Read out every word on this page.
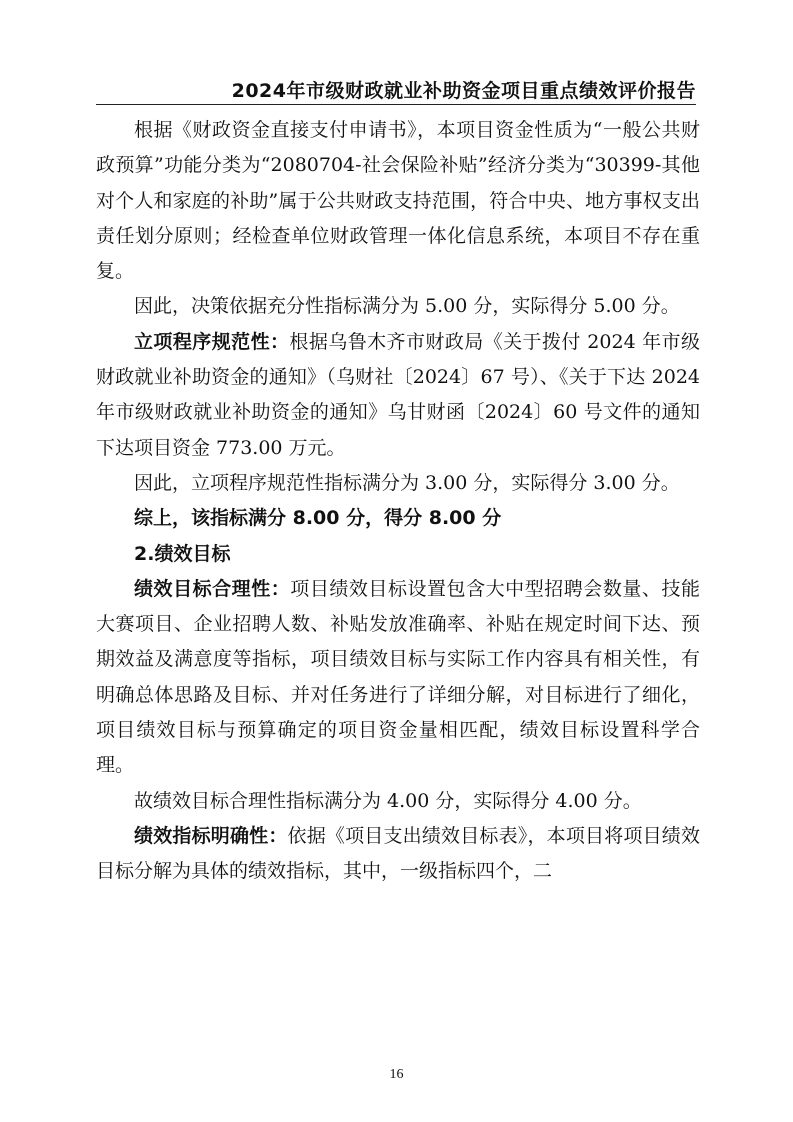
2024年市级财政就业补助资金项目重点绩效评价报告

根据《财政资金直接支付申请书》，本项目资金性质为“一般公共财政预算”功能分类为“2080704-社会保险补贴”经济分类为“30399-其他对个人和家庭的补助”属于公共财政支持范围，符合中央、地方事权支出责任划分原则；经检查单位财政管理一体化信息系统，本项目不存在重复。

因此，决策依据充分性指标满分为 5.00 分，实际得分 5.00 分。

立项程序规范性：根据乌鲁木齐市财政局《关于拨付 2024 年市级财政就业补助资金的通知》（乌财社〔2024〕67 号）、《关于下达 2024 年市级财政就业补助资金的通知》乌甘财函〔2024〕60 号文件的通知下达项目资金 773.00 万元。

因此，立项程序规范性指标满分为 3.00 分，实际得分 3.00 分。

综上，该指标满分 8.00 分，得分 8.00 分

2.绩效目标

绩效目标合理性：项目绩效目标设置包含大中型招聘会数量、技能大赛项目、企业招聘人数、补贴发放准确率、补贴在规定时间下达、预期效益及满意度等指标，项目绩效目标与实际工作内容具有相关性，有明确总体思路及目标、并对任务进行了详细分解，对目标进行了细化，项目绩效目标与预算确定的项目资金量相匹配，绩效目标设置科学合理。

故绩效目标合理性指标满分为 4.00 分，实际得分 4.00 分。

绩效指标明确性：依据《项目支出绩效目标表》，本项目将项目绩效目标分解为具体的绩效指标，其中，一级指标四个，二

16
